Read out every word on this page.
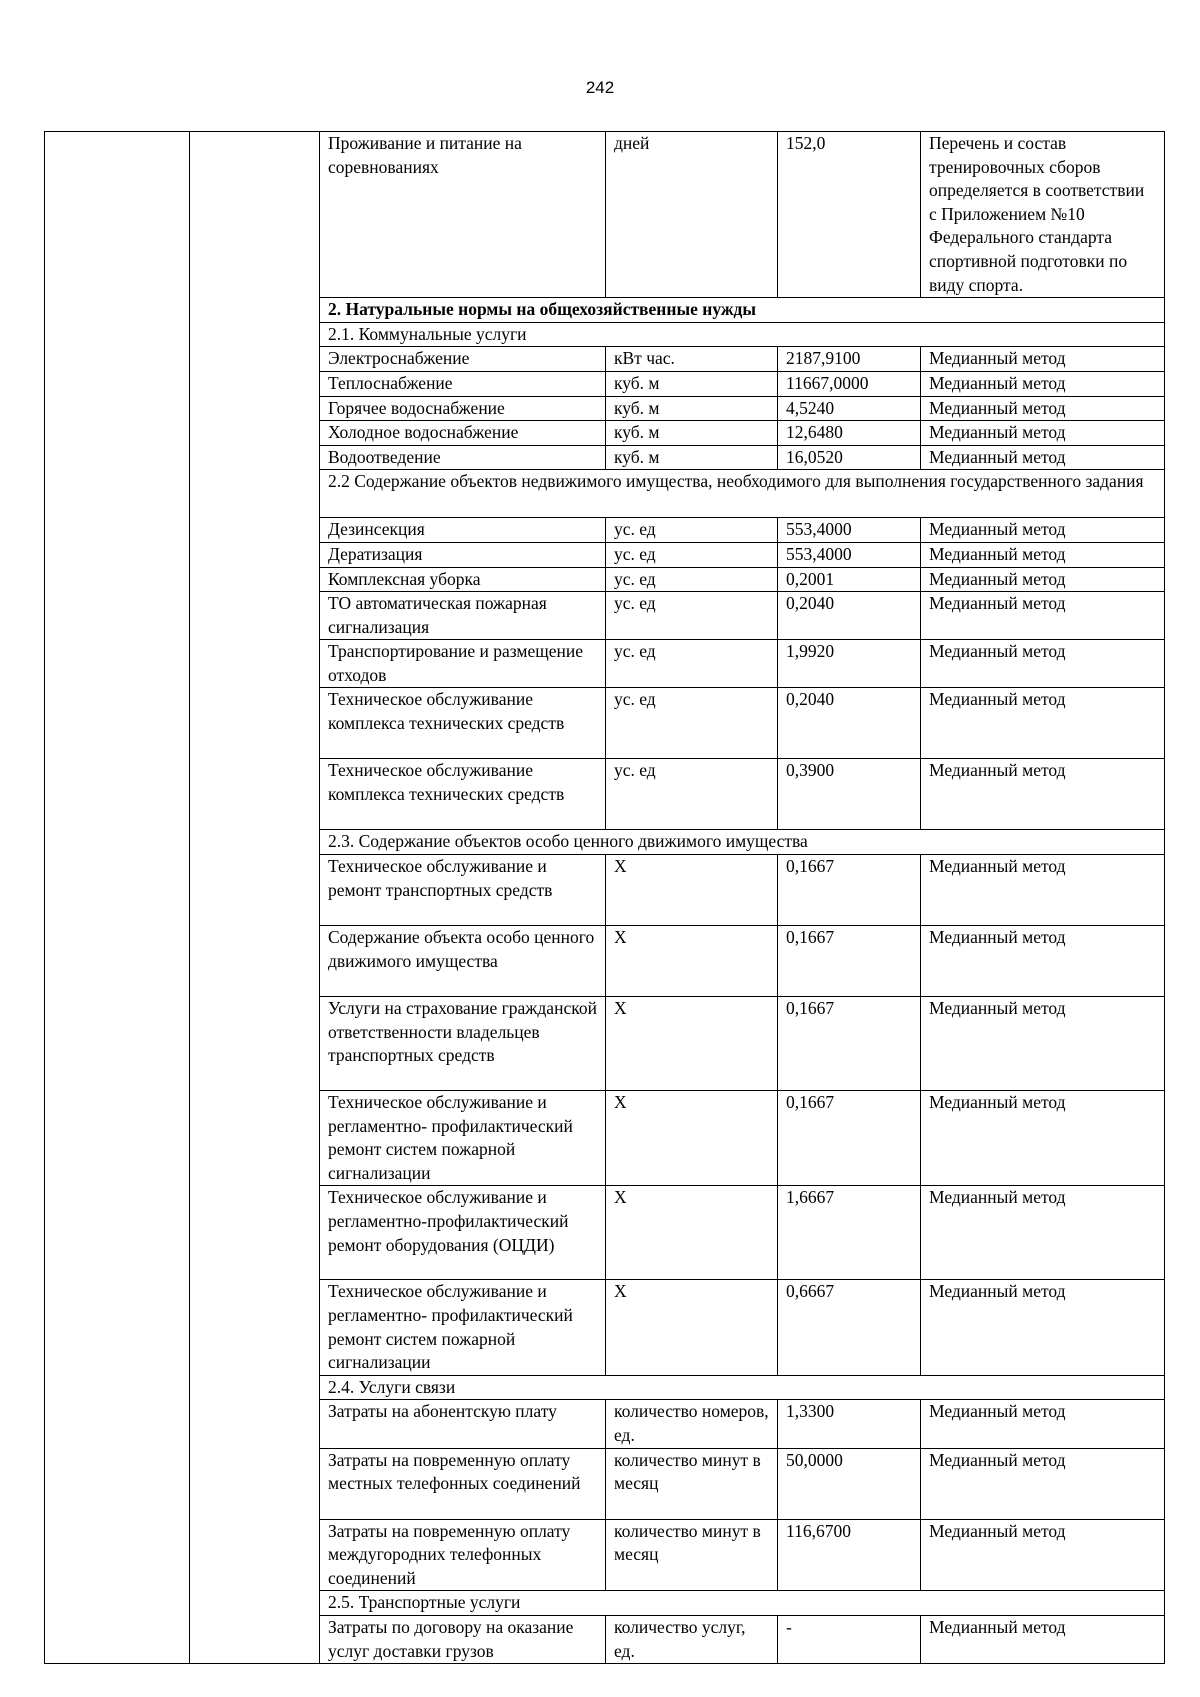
242
		Проживание и питание на соревнованиях	дней	152,0	Перечень и состав тренировочных сборов определяется в соответствии с Приложением №10 Федерального стандарта спортивной подготовки по виду спорта.
		2. Натуральные нормы на общехозяйственные нужды			
		2.1. Коммунальные услуги			
		Электроснабжение	кВт час.	2187,9100	Медианный метод
		Теплоснабжение	куб. м	11667,0000	Медианный метод
		Горячее водоснабжение	куб. м	4,5240	Медианный метод
		Холодное водоснабжение	куб. м	12,6480	Медианный метод
		Водоотведение	куб. м	16,0520	Медианный метод
		2.2 Содержание объектов недвижимого имущества, необходимого для выполнения государственного задания			
		Дезинсекция	ус. ед	553,4000	Медианный метод
		Дератизация	ус. ед	553,4000	Медианный метод
		Комплексная уборка	ус. ед	0,2001	Медианный метод
		ТО автоматическая пожарная сигнализация	ус. ед	0,2040	Медианный метод
		Транспортирование и размещение отходов	ус. ед	1,9920	Медианный метод
		Техническое обслуживание комплекса технических средств	ус. ед	0,2040	Медианный метод
		Техническое обслуживание комплекса технических средств	ус. ед	0,3900	Медианный метод
		2.3. Содержание объектов особо ценного движимого имущества			
		Техническое обслуживание и ремонт транспортных средств	Х	0,1667	Медианный метод
		Содержание объекта особо ценного движимого имущества	Х	0,1667	Медианный метод
		Услуги на страхование гражданской ответственности владельцев транспортных средств	Х	0,1667	Медианный метод
		Техническое обслуживание и регламентно- профилактический ремонт систем пожарной сигнализации	Х	0,1667	Медианный метод
		Техническое обслуживание и регламентно-профилактический ремонт оборудования (ОЦДИ)	Х	1,6667	Медианный метод
		Техническое обслуживание и регламентно- профилактический ремонт систем пожарной сигнализации	Х	0,6667	Медианный метод
		2.4. Услуги связи			
		Затраты на абонентскую плату	количество номеров, ед.	1,3300	Медианный метод
		Затраты на повременную оплату местных телефонных соединений	количество минут в месяц	50,0000	Медианный метод
		Затраты на повременную оплату междугородних телефонных соединений	количество минут в месяц	116,6700	Медианный метод
		2.5. Транспортные услуги			
		Затраты по договору на оказание услуг доставки грузов	количество услуг, ед.	-	Медианный метод
